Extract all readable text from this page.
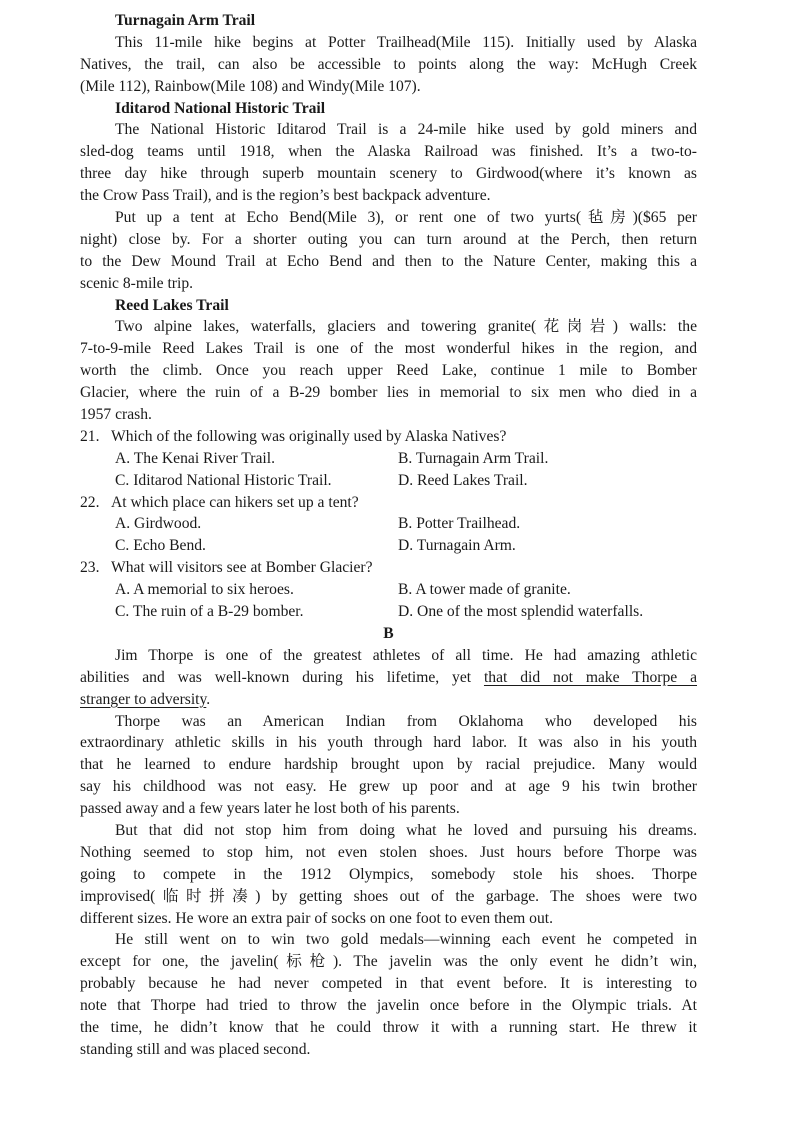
Turnagain Arm Trail
This 11-mile hike begins at Potter Trailhead(Mile 115). Initially used by Alaska
Natives, the trail, can also be accessible to points along the way: McHugh Creek
(Mile 112), Rainbow(Mile 108) and Windy(Mile 107).
Iditarod National Historic Trail
The National Historic Iditarod Trail is a 24-mile hike used by gold miners and
sled-dog teams until 1918, when the Alaska Railroad was finished. It’s a two-to-
three day hike through superb mountain scenery to Girdwood(where it’s known as
the Crow Pass Trail), and is the region’s best backpack adventure.
Put up a tent at Echo Bend(Mile 3), or rent one of two yurts(毡房)($65 per
night) close by. For a shorter outing you can turn around at the Perch, then return
to the Dew Mound Trail at Echo Bend and then to the Nature Center, making this a
scenic 8-mile trip.
Reed Lakes Trail
Two alpine lakes, waterfalls, glaciers and towering granite(花岗岩) walls: the
7-to-9-mile Reed Lakes Trail is one of the most wonderful hikes in the region, and
worth the climb. Once you reach upper Reed Lake, continue 1 mile to Bomber
Glacier, where the ruin of a B-29 bomber lies in memorial to six men who died in a
1957 crash.
21. Which of the following was originally used by Alaska Natives?
A. The Kenai River Trail.	B. Turnagain Arm Trail.
C. Iditarod National Historic Trail.	D. Reed Lakes Trail.
22. At which place can hikers set up a tent?
A. Girdwood.	B. Potter Trailhead.
C. Echo Bend.	D. Turnagain Arm.
23. What will visitors see at Bomber Glacier?
A. A memorial to six heroes.	B. A tower made of granite.
C. The ruin of a B-29 bomber.	D. One of the most splendid waterfalls.
B
Jim Thorpe is one of the greatest athletes of all time. He had amazing athletic
abilities and was well-known during his lifetime, yet that did not make Thorpe a
stranger to adversity.
Thorpe was an American Indian from Oklahoma who developed his
extraordinary athletic skills in his youth through hard labor. It was also in his youth
that he learned to endure hardship brought upon by racial prejudice. Many would
say his childhood was not easy. He grew up poor and at age 9 his twin brother
passed away and a few years later he lost both of his parents.
But that did not stop him from doing what he loved and pursuing his dreams.
Nothing seemed to stop him, not even stolen shoes. Just hours before Thorpe was
going to compete in the 1912 Olympics, somebody stole his shoes. Thorpe
improvised(临时拼凑) by getting shoes out of the garbage. The shoes were two
different sizes. He wore an extra pair of socks on one foot to even them out.
He still went on to win two gold medals—winning each event he competed in
except for one, the javelin(标枪). The javelin was the only event he didn’t win,
probably because he had never competed in that event before. It is interesting to
note that Thorpe had tried to throw the javelin once before in the Olympic trials. At
the time, he didn’t know that he could throw it with a running start. He threw it
standing still and was placed second.
